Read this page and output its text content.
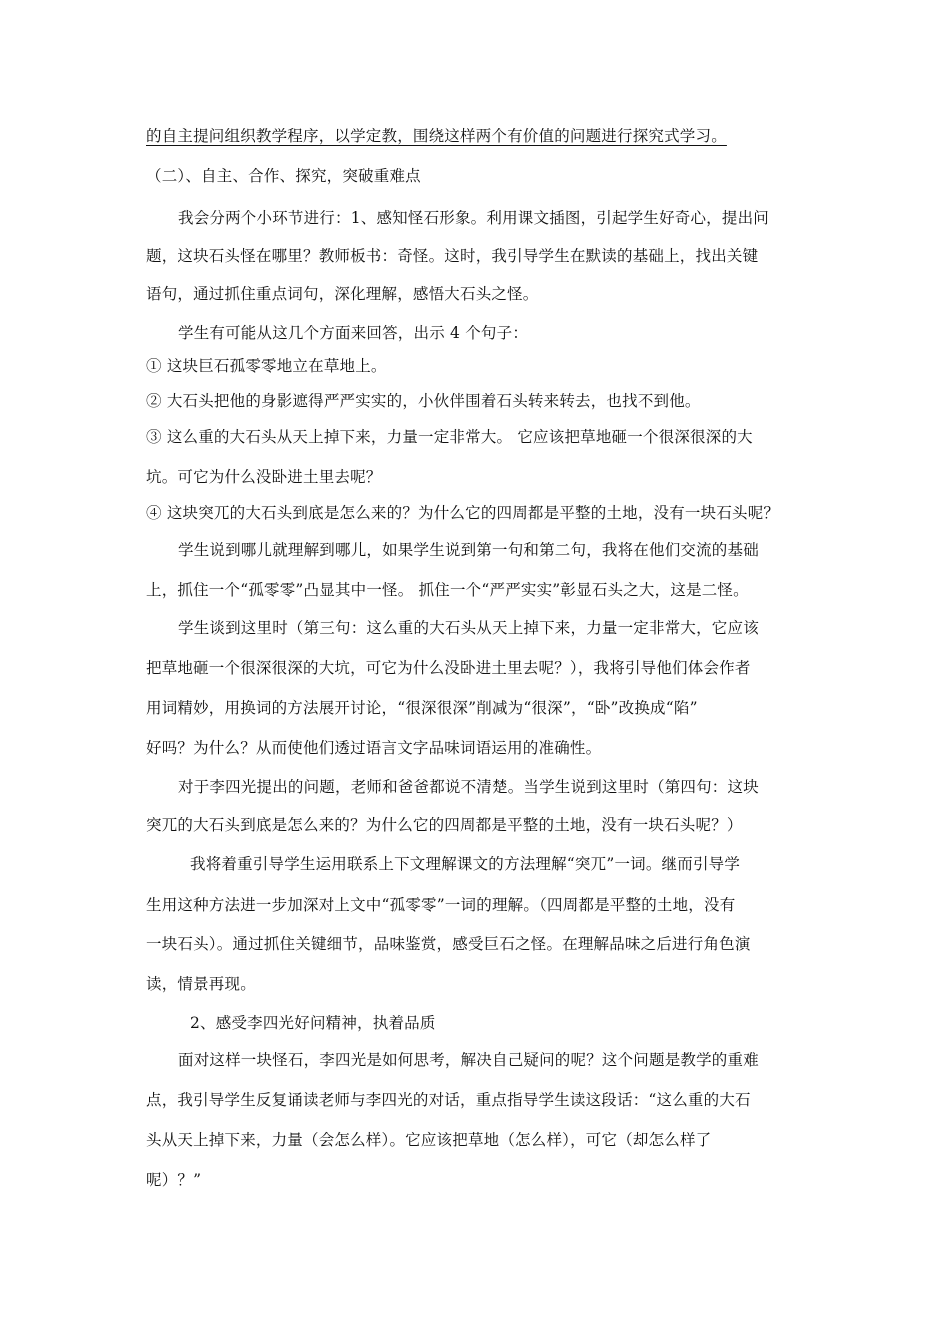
的自主提问组织教学程序，以学定教，围绕这样两个有价值的问题进行探究式学习。
（二）、自主、合作、探究，突破重难点
我会分两个小环节进行：1、感知怪石形象。利用课文插图，引起学生好奇心，提出问
题，这块石头怪在哪里？教师板书：奇怪。这时，我引导学生在默读的基础上，找出关键
语句，通过抓住重点词句，深化理解，感悟大石头之怪。
学生有可能从这几个方面来回答，出示 4 个句子：
① 这块巨石孤零零地立在草地上。
② 大石头把他的身影遮得严严实实的，小伙伴围着石头转来转去，也找不到他。
③ 这么重的大石头从天上掉下来，力量一定非常大。 它应该把草地砸一个很深很深的大
坑。可它为什么没卧进土里去呢？
④ 这块突兀的大石头到底是怎么来的？为什么它的四周都是平整的土地，没有一块石头呢？
学生说到哪儿就理解到哪儿，如果学生说到第一句和第二句，我将在他们交流的基础
上，抓住一个“孤零零”凸显其中一怪。 抓住一个“严严实实”彰显石头之大，这是二怪。
学生谈到这里时（第三句：这么重的大石头从天上掉下来，力量一定非常大，它应该
把草地砸一个很深很深的大坑，可它为什么没卧进土里去呢？），我将引导他们体会作者
用词精妙，用换词的方法展开讨论，“很深很深”削减为“很深”，“卧”改换成“陷”
好吗？为什么？从而使他们透过语言文字品味词语运用的准确性。
对于李四光提出的问题，老师和爸爸都说不清楚。当学生说到这里时（第四句：这块
突兀的大石头到底是怎么来的？为什么它的四周都是平整的土地，没有一块石头呢？）
我将着重引导学生运用联系上下文理解课文的方法理解“突兀”一词。继而引导学
生用这种方法进一步加深对上文中“孤零零”一词的理解。（四周都是平整的土地，没有
一块石头）。通过抓住关键细节，品味鉴赏，感受巨石之怪。在理解品味之后进行角色演
读，情景再现。
2、感受李四光好问精神，执着品质
面对这样一块怪石，李四光是如何思考，解决自己疑问的呢？这个问题是教学的重难
点，我引导学生反复诵读老师与李四光的对话，重点指导学生读这段话：“这么重的大石
头从天上掉下来，力量（会怎么样）。它应该把草地（怎么样），可它（却怎么样了
呢）？”
